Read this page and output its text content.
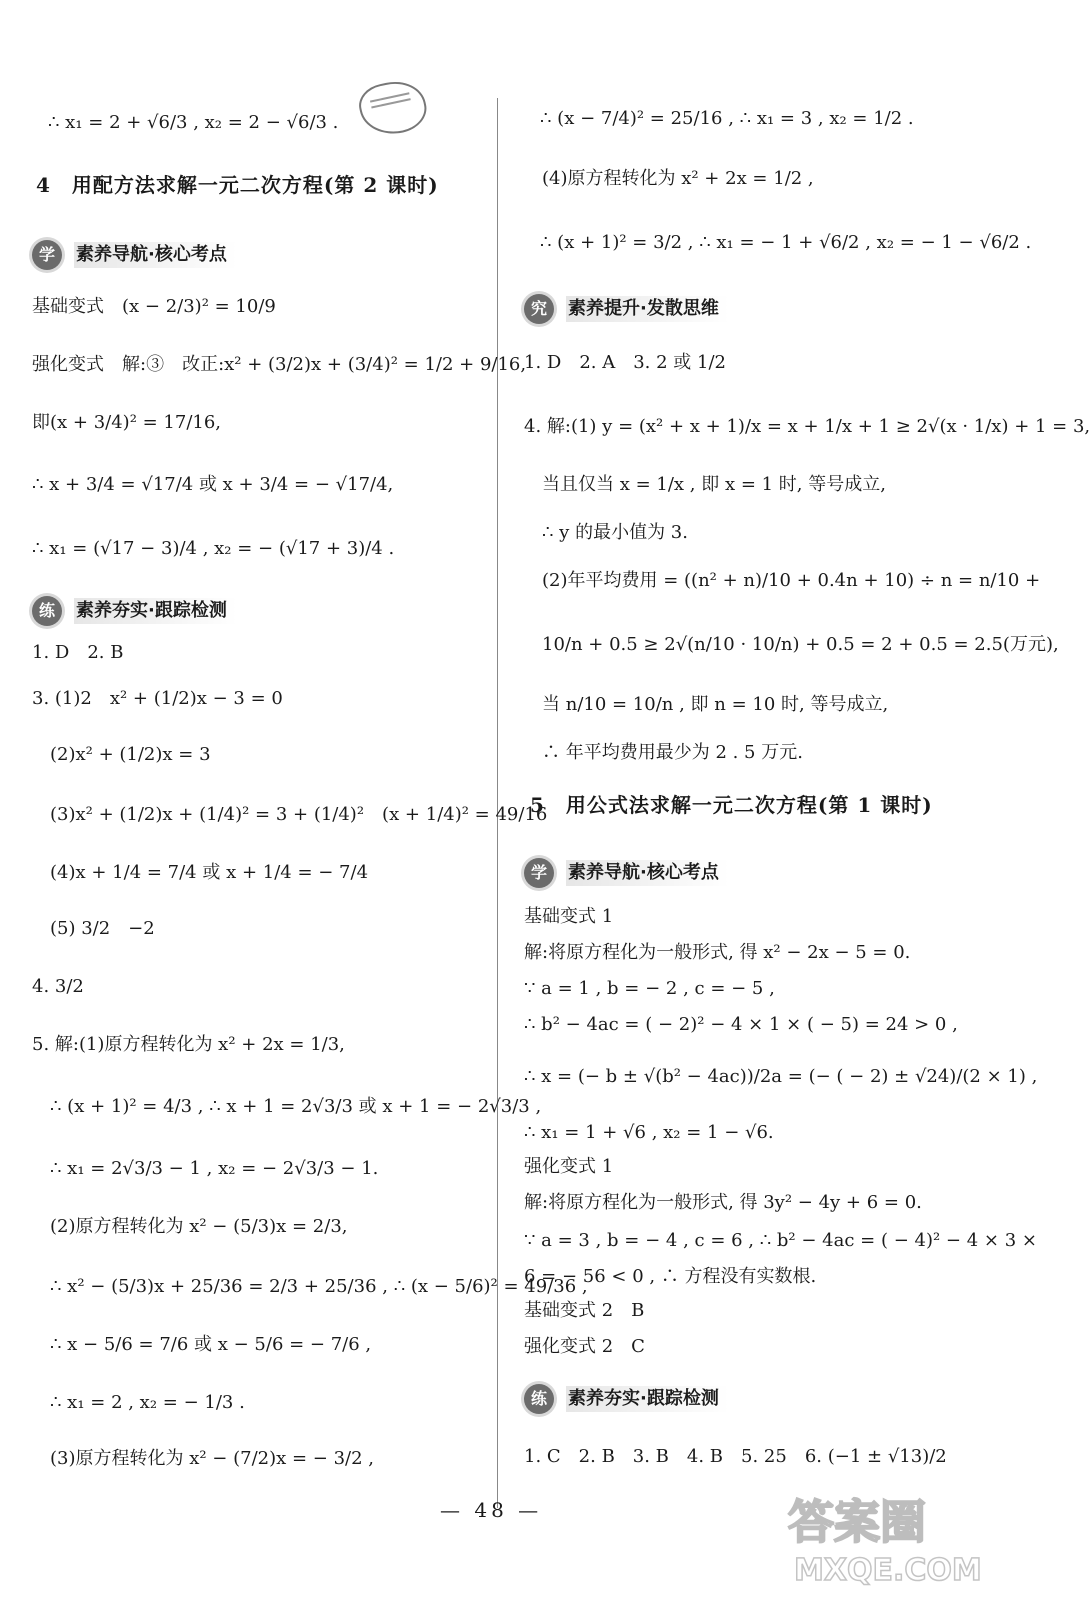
∴ x₁ = 2 + √6/3 , x₂ = 2 − √6/3 .
4　用配方法求解一元二次方程(第 2 课时)
学	素养导航·核心考点
基础变式　(x − 2/3)² = 10/9
强化变式　解:③　改正:x² + (3/2)x + (3/4)² = 1/2 + 9/16,
即(x + 3/4)² = 17/16,
∴ x + 3/4 = √17/4 或 x + 3/4 = − √17/4,
∴ x₁ = (√17 − 3)/4 , x₂ = − (√17 + 3)/4 .
练	素养夯实·跟踪检测
1. D　2. B
3. (1)2　x² + (1/2)x − 3 = 0
(2)x² + (1/2)x = 3
(3)x² + (1/2)x + (1/4)² = 3 + (1/4)²　(x + 1/4)² = 49/16
(4)x + 1/4 = 7/4 或 x + 1/4 = − 7/4
(5) 3/2　−2
4. 3/2
5. 解:(1)原方程转化为 x² + 2x = 1/3,
∴ (x + 1)² = 4/3 , ∴ x + 1 = 2√3/3 或 x + 1 = − 2√3/3 ,
∴ x₁ = 2√3/3 − 1 , x₂ = − 2√3/3 − 1.
(2)原方程转化为 x² − (5/3)x = 2/3,
∴ x² − (5/3)x + 25/36 = 2/3 + 25/36 , ∴ (x − 5/6)² = 49/36 ,
∴ x − 5/6 = 7/6 或 x − 5/6 = − 7/6 ,
∴ x₁ = 2 , x₂ = − 1/3 .
(3)原方程转化为 x² − (7/2)x = − 3/2 ,
∴ (x − 7/4)² = 25/16 , ∴ x₁ = 3 , x₂ = 1/2 .
(4)原方程转化为 x² + 2x = 1/2 ,
∴ (x + 1)² = 3/2 , ∴ x₁ = − 1 + √6/2 , x₂ = − 1 − √6/2 .
究	素养提升·发散思维
1. D　2. A　3. 2 或 1/2
4. 解:(1) y = (x² + x + 1)/x = x + 1/x + 1 ≥ 2√(x · 1/x) + 1 = 3,
当且仅当 x = 1/x , 即 x = 1 时, 等号成立,
∴ y 的最小值为 3.
(2)年平均费用 = ((n² + n)/10 + 0.4n + 10) ÷ n = n/10 +
10/n + 0.5 ≥ 2√(n/10 · 10/n) + 0.5 = 2 + 0.5 = 2.5(万元),
当 n/10 = 10/n , 即 n = 10 时, 等号成立,
∴ 年平均费用最少为 2 . 5 万元.
5　用公式法求解一元二次方程(第 1 课时)
学	素养导航·核心考点
基础变式 1
解:将原方程化为一般形式, 得 x² − 2x − 5 = 0.
∵ a = 1 , b = − 2 , c = − 5 ,
∴ b² − 4ac = ( − 2)² − 4 × 1 × ( − 5) = 24 > 0 ,
∴ x = (− b ± √(b² − 4ac))/2a = (− ( − 2) ± √24)/(2 × 1) ,
∴ x₁ = 1 + √6 , x₂ = 1 − √6.
强化变式 1
解:将原方程化为一般形式, 得 3y² − 4y + 6 = 0.
∵ a = 3 , b = − 4 , c = 6 , ∴ b² − 4ac = ( − 4)² − 4 × 3 ×
6 = − 56 < 0 , ∴ 方程没有实数根.
基础变式 2　B
强化变式 2　C
练	素养夯实·跟踪检测
1. C　2. B　3. B　4. B　5. 25　6. (−1 ± √13)/2
— 48 —	答案圈
MXQE.COM
